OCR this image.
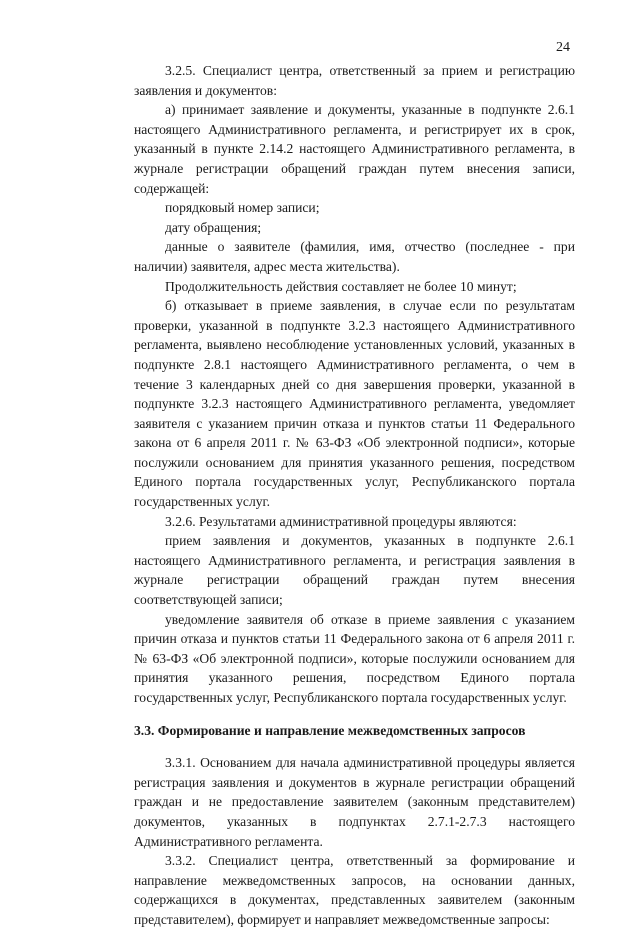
24

3.2.5. Специалист центра, ответственный за прием и регистрацию заявления и документов:

а) принимает заявление и документы, указанные в подпункте 2.6.1 настоящего Административного регламента, и регистрирует их в срок, указанный в пункте 2.14.2 настоящего Административного регламента, в журнале регистрации обращений граждан путем внесения записи, содержащей:

порядковый номер записи;

дату обращения;

данные о заявителе (фамилия, имя, отчество (последнее - при наличии) заявителя, адрес места жительства).

Продолжительность действия составляет не более 10 минут;

б) отказывает в приеме заявления, в случае если по результатам проверки, указанной в подпункте 3.2.3 настоящего Административного регламента, выявлено несоблюдение установленных условий, указанных в подпункте 2.8.1 настоящего Административного регламента, о чем в течение 3 календарных дней со дня завершения проверки, указанной в подпункте 3.2.3 настоящего Административного регламента, уведомляет заявителя с указанием причин отказа и пунктов статьи 11 Федерального закона от 6 апреля 2011 г. № 63-ФЗ «Об электронной подписи», которые послужили основанием для принятия указанного решения, посредством Единого портала государственных услуг, Республиканского портала государственных услуг.

3.2.6. Результатами административной процедуры являются:

прием заявления и документов, указанных в подпункте 2.6.1 настоящего Административного регламента, и регистрация заявления в журнале регистрации обращений граждан путем внесения соответствующей записи;

уведомление заявителя об отказе в приеме заявления с указанием причин отказа и пунктов статьи 11 Федерального закона от 6 апреля 2011 г. № 63-ФЗ «Об электронной подписи», которые послужили основанием для принятия указанного решения, посредством Единого портала государственных услуг, Республиканского портала государственных услуг.

3.3. Формирование и направление межведомственных запросов

3.3.1. Основанием для начала административной процедуры является регистрация заявления и документов в журнале регистрации обращений граждан и не предоставление заявителем (законным представителем) документов, указанных в подпунктах 2.7.1-2.7.3 настоящего Административного регламента.

3.3.2. Специалист центра, ответственный за формирование и направление межведомственных запросов, на основании данных, содержащихся в документах, представленных заявителем (законным представителем), формирует и направляет межведомственные запросы:
